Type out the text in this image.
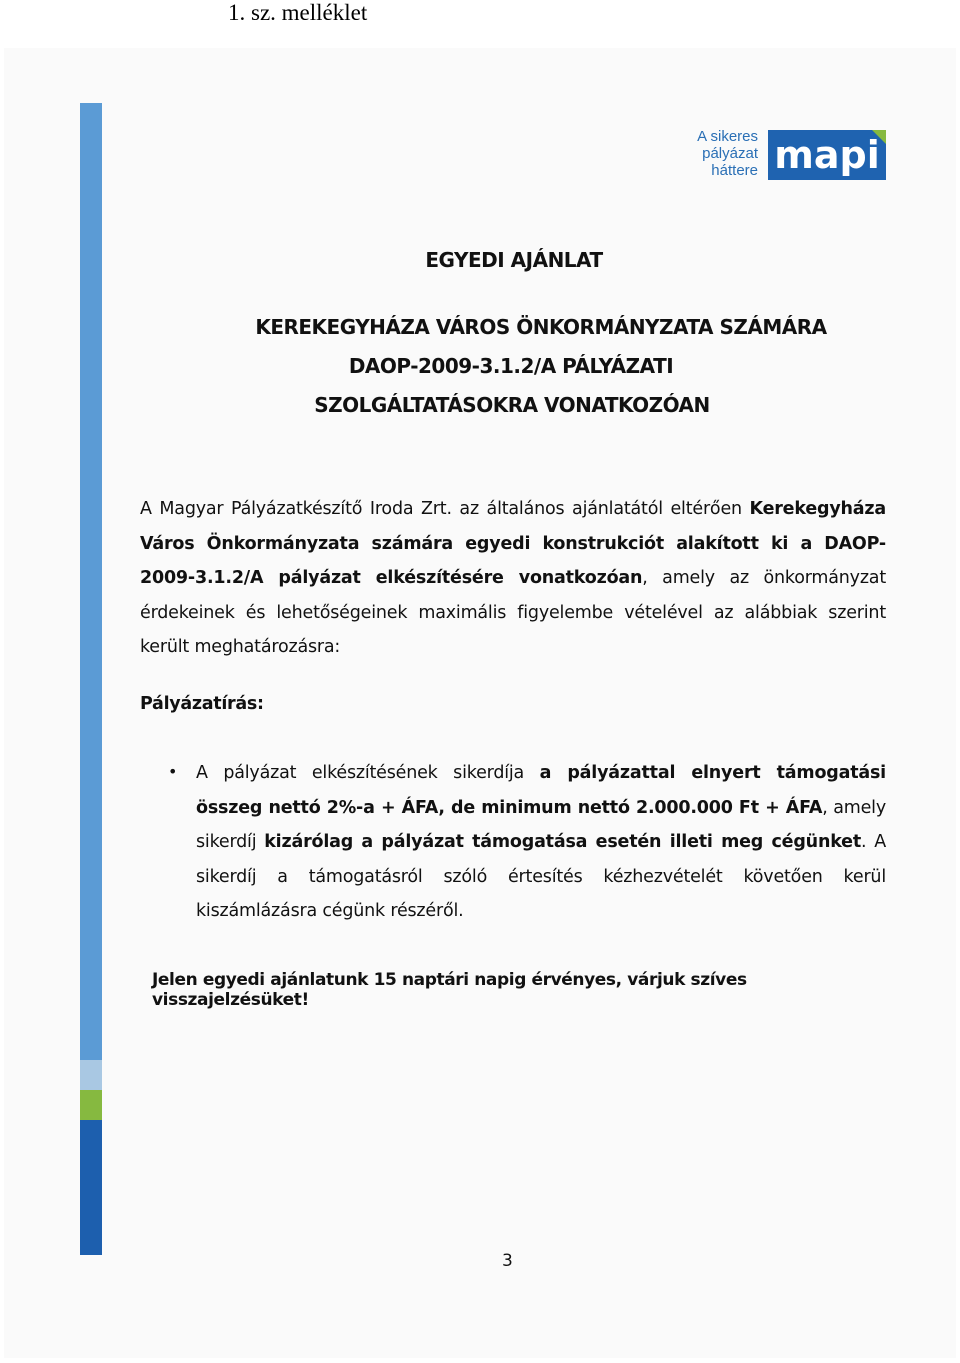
1. sz. melléklet
A sikeres
pályázat
háttere mapi
EGYEDI AJÁNLAT
KEREKEGYHÁZA VÁROS ÖNKORMÁNYZATA SZÁMÁRA
DAOP-2009-3.1.2/A PÁLYÁZATI
SZOLGÁLTATÁSOKRA VONATKOZÓAN
A Magyar Pályázatkészítő Iroda Zrt. az általános ajánlatától eltérően Kerekegyháza Város Önkormányzata számára egyedi konstrukciót alakított ki a DAOP-2009-3.1.2/A pályázat elkészítésére vonatkozóan, amely az önkormányzat érdekeinek és lehetőségeinek maximális figyelembe vételével az alábbiak szerint került meghatározásra:
Pályázatírás:
• A pályázat elkészítésének sikerdíja a pályázattal elnyert támogatási összeg nettó 2%-a + ÁFA, de minimum nettó 2.000.000 Ft + ÁFA, amely sikerdíj kizárólag a pályázat támogatása esetén illeti meg cégünket. A sikerdíj a támogatásról szóló értesítés kézhezvételét követően kerül kiszámlázásra cégünk részéről.
Jelen egyedi ajánlatunk 15 naptári napig érvényes, várjuk szíves visszajelzésüket!
3
